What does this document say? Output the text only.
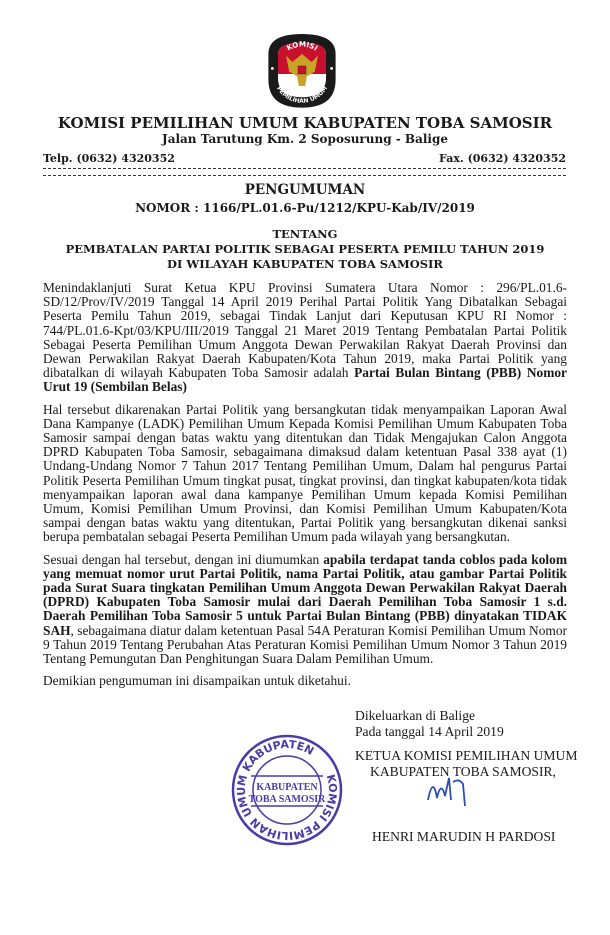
KOMISI
PEMILIHAN UMUM
KOMISI PEMILIHAN UMUM KABUPATEN TOBA SAMOSIR
Jalan Tarutung Km. 2 Soposurung - Balige
Telp. (0632) 4320352	Fax. (0632) 4320352
PENGUMUMAN
NOMOR : 1166/PL.01.6-Pu/1212/KPU-Kab/IV/2019
TENTANG
PEMBATALAN PARTAI POLITIK SEBAGAI PESERTA PEMILU TAHUN 2019
DI WILAYAH KABUPATEN TOBA SAMOSIR

Menindaklanjuti Surat Ketua KPU Provinsi Sumatera Utara Nomor : 296/PL.01.6-SD/12/Prov/IV/2019 Tanggal 14 April 2019 Perihal Partai Politik Yang Dibatalkan Sebagai Peserta Pemilu Tahun 2019, sebagai Tindak Lanjut dari Keputusan KPU RI Nomor : 744/PL.01.6-Kpt/03/KPU/III/2019 Tanggal 21 Maret 2019 Tentang Pembatalan Partai Politik Sebagai Peserta Pemilihan Umum Anggota Dewan Perwakilan Rakyat Daerah Provinsi dan Dewan Perwakilan Rakyat Daerah Kabupaten/Kota Tahun 2019, maka Partai Politik yang dibatalkan di wilayah Kabupaten Toba Samosir adalah Partai Bulan Bintang (PBB) Nomor Urut 19 (Sembilan Belas)

Hal tersebut dikarenakan Partai Politik yang bersangkutan tidak menyampaikan Laporan Awal Dana Kampanye (LADK) Pemilihan Umum Kepada Komisi Pemilihan Umum Kabupaten Toba Samosir sampai dengan batas waktu yang ditentukan dan Tidak Mengajukan Calon Anggota DPRD Kabupaten Toba Samosir, sebagaimana dimaksud dalam ketentuan Pasal 338 ayat (1) Undang-Undang Nomor 7 Tahun 2017 Tentang Pemilihan Umum, Dalam hal pengurus Partai Politik Peserta Pemilihan Umum tingkat pusat, tingkat provinsi, dan tingkat kabupaten/kota tidak menyampaikan laporan awal dana kampanye Pemilihan Umum kepada Komisi Pemilihan Umum, Komisi Pemilihan Umum Provinsi, dan Komisi Pemilihan Umum Kabupaten/Kota sampai dengan batas waktu yang ditentukan, Partai Politik yang bersangkutan dikenai sanksi berupa pembatalan sebagai Peserta Pemilihan Umum pada wilayah yang bersangkutan.

Sesuai dengan hal tersebut, dengan ini diumumkan apabila terdapat tanda coblos pada kolom yang memuat nomor urut Partai Politik, nama Partai Politik, atau gambar Partai Politik pada Surat Suara tingkatan Pemilihan Umum Anggota Dewan Perwakilan Rakyat Daerah (DPRD) Kabupaten Toba Samosir mulai dari Daerah Pemilihan Toba Samosir 1 s.d. Daerah Pemilihan Toba Samosir 5 untuk Partai Bulan Bintang (PBB) dinyatakan TIDAK SAH, sebagaimana diatur dalam ketentuan Pasal 54A Peraturan Komisi Pemilihan Umum Nomor 9 Tahun 2019 Tentang Perubahan Atas Peraturan Komisi Pemilihan Umum Nomor 3 Tahun 2019 Tentang Pemungutan Dan Penghitungan Suara Dalam Pemilihan Umum.

Demikian pengumuman ini disampaikan untuk diketahui.

KOMISI PEMILIHAN UMUM KABUPATEN
KABUPATEN
TOBA SAMOSIR
Dikeluarkan di Balige
Pada tanggal 14 April 2019
KETUA KOMISI PEMILIHAN UMUM
KABUPATEN TOBA SAMOSIR,
HENRI MARUDIN H PARDOSI
